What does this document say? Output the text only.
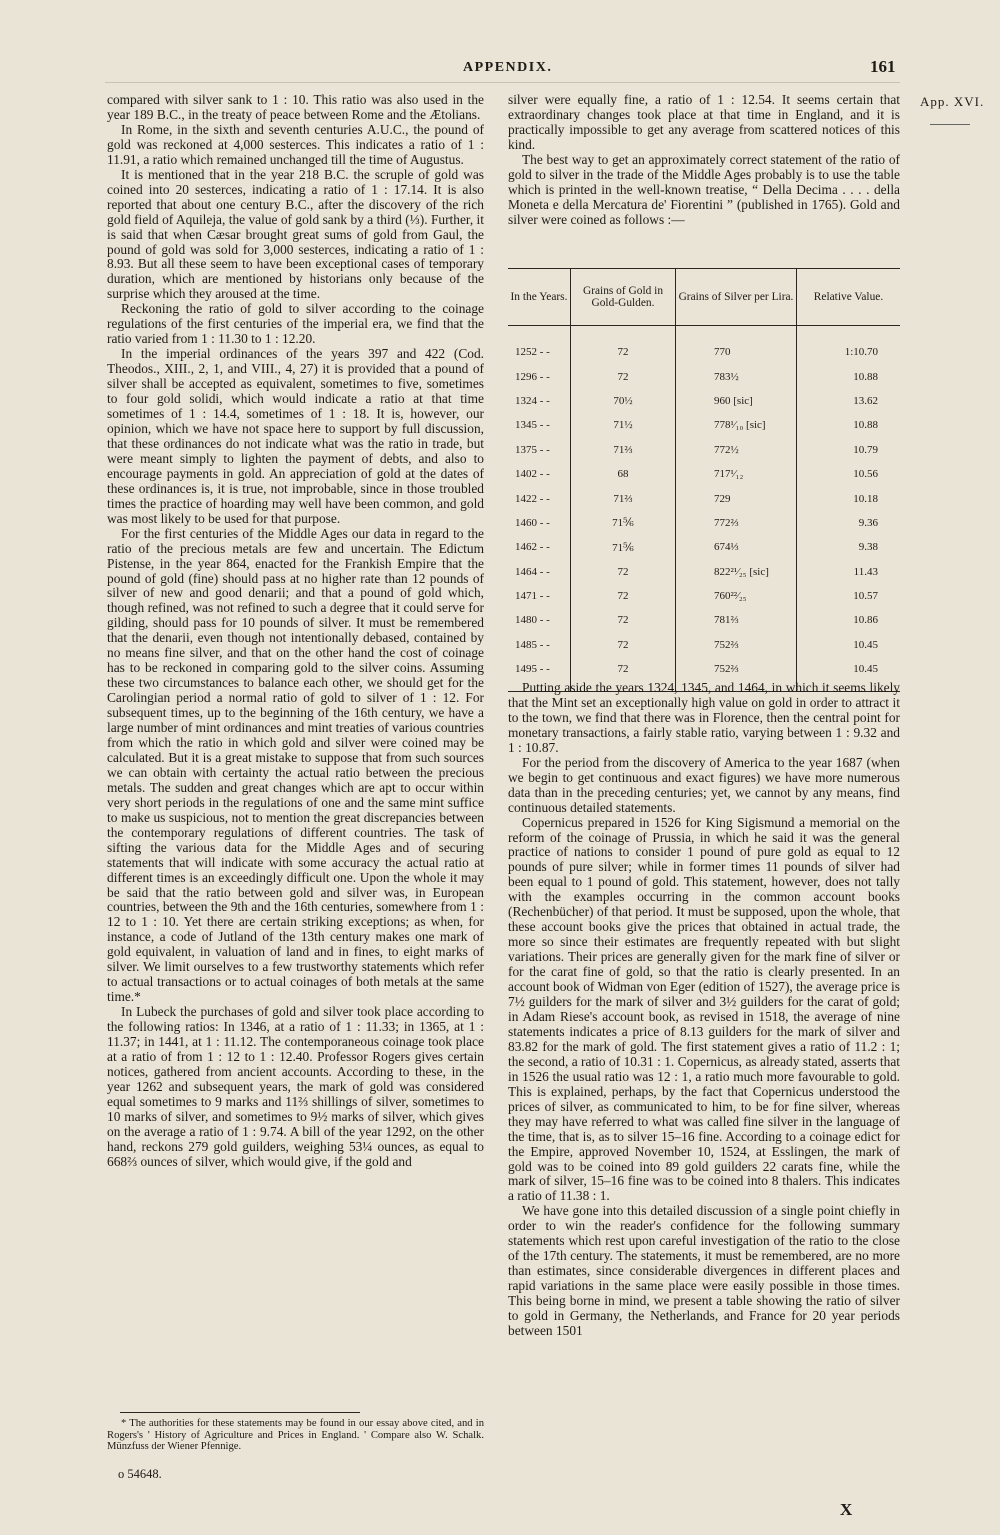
APPENDIX.	161
App. XVI.

compared with silver sank to 1 : 10. This ratio was also used in the year 189 B.C., in the treaty of peace between Rome and the Ætolians.

In Rome, in the sixth and seventh centuries A.U.C., the pound of gold was reckoned at 4,000 sesterces. This indicates a ratio of 1 : 11.91, a ratio which remained unchanged till the time of Augustus.

It is mentioned that in the year 218 B.C. the scruple of gold was coined into 20 sesterces, indicating a ratio of 1 : 17.14. It is also reported that about one century B.C., after the discovery of the rich gold field of Aquileja, the value of gold sank by a third (⅓). Further, it is said that when Cæsar brought great sums of gold from Gaul, the pound of gold was sold for 3,000 sesterces, indicating a ratio of 1 : 8.93. But all these seem to have been exceptional cases of temporary duration, which are mentioned by historians only because of the surprise which they aroused at the time.

Reckoning the ratio of gold to silver according to the coinage regulations of the first centuries of the imperial era, we find that the ratio varied from 1 : 11.30 to 1 : 12.20.

In the imperial ordinances of the years 397 and 422 (Cod. Theodos., XIII., 2, 1, and VIII., 4, 27) it is provided that a pound of silver shall be accepted as equivalent, sometimes to five, sometimes to four gold solidi, which would indicate a ratio at that time sometimes of 1 : 14.4, sometimes of 1 : 18. It is, however, our opinion, which we have not space here to support by full discussion, that these ordinances do not indicate what was the ratio in trade, but were meant simply to lighten the payment of debts, and also to encourage payments in gold. An appreciation of gold at the dates of these ordinances is, it is true, not improbable, since in those troubled times the practice of hoarding may well have been common, and gold was most likely to be used for that purpose.

For the first centuries of the Middle Ages our data in regard to the ratio of the precious metals are few and uncertain. The Edictum Pistense, in the year 864, enacted for the Frankish Empire that the pound of gold (fine) should pass at no higher rate than 12 pounds of silver of new and good denarii; and that a pound of gold which, though refined, was not refined to such a degree that it could serve for gilding, should pass for 10 pounds of silver. It must be remembered that the denarii, even though not intentionally debased, contained by no means fine silver, and that on the other hand the cost of coinage has to be reckoned in comparing gold to the silver coins. Assuming these two circumstances to balance each other, we should get for the Carolingian period a normal ratio of gold to silver of 1 : 12. For subsequent times, up to the beginning of the 16th century, we have a large number of mint ordinances and mint treaties of various countries from which the ratio in which gold and silver were coined may be calculated. But it is a great mistake to suppose that from such sources we can obtain with certainty the actual ratio between the precious metals. The sudden and great changes which are apt to occur within very short periods in the regulations of one and the same mint suffice to make us suspicious, not to mention the great discrepancies between the contemporary regulations of different countries. The task of sifting the various data for the Middle Ages and of securing statements that will indicate with some accuracy the actual ratio at different times is an exceedingly difficult one. Upon the whole it may be said that the ratio between gold and silver was, in European countries, between the 9th and the 16th centuries, somewhere from 1 : 12 to 1 : 10. Yet there are certain striking exceptions; as when, for instance, a code of Jutland of the 13th century makes one mark of gold equivalent, in valuation of land and in fines, to eight marks of silver. We limit ourselves to a few trustworthy statements which refer to actual transactions or to actual coinages of both metals at the same time.*

In Lubeck the purchases of gold and silver took place according to the following ratios: In 1346, at a ratio of 1 : 11.33; in 1365, at 1 : 11.37; in 1441, at 1 : 11.12. The contemporaneous coinage took place at a ratio of from 1 : 12 to 1 : 12.40. Professor Rogers gives certain notices, gathered from ancient accounts. According to these, in the year 1262 and subsequent years, the mark of gold was considered equal sometimes to 9 marks and 11⅔ shillings of silver, sometimes to 10 marks of silver, and sometimes to 9½ marks of silver, which gives on the average a ratio of 1 : 9.74. A bill of the year 1292, on the other hand, reckons 279 gold guilders, weighing 53¼ ounces, as equal to 668⅔ ounces of silver, which would give, if the gold and

* The authorities for these statements may be found in our essay above cited, and in Rogers's ' History of Agriculture and Prices in England. ' Compare also W. Schalk. Münzfuss der Wiener Pfennige.

o 54648.

silver were equally fine, a ratio of 1 : 12.54. It seems certain that extraordinary changes took place at that time in England, and it is practically impossible to get any average from scattered notices of this kind.

The best way to get an approximately correct statement of the ratio of gold to silver in the trade of the Middle Ages probably is to use the table which is printed in the well-known treatise, “ Della Decima . . . . della Moneta e della Mercatura de' Fiorentini ” (published in 1765). Gold and silver were coined as follows :—

In the Years.	Grains of Gold in Gold-Gulden.	Grains of Silver per Lira.	Relative Value.
1252 - -	72	770	1:10.70
1296 - -	72	783½	10.88
1324 - -	70½	960 [sic]	13.62
1345 - -	71½	778¹⁄₁₀ [sic]	10.88
1375 - -	71⅔	772½	10.79
1402 - -	68	717¹⁄₁₂	10.56
1422 - -	71⅔	729	10.18
1460 - -	71⅚	772⅔	9.36
1462 - -	71⅚	674⅓	9.38
1464 - -	72	822²¹⁄₂₅ [sic]	11.43
1471 - -	72	760²²⁄₂₅	10.57
1480 - -	72	781⅔	10.86
1485 - -	72	752⅔	10.45
1495 - -	72	752⅔	10.45

Putting aside the years 1324, 1345, and 1464, in which it seems likely that the Mint set an exceptionally high value on gold in order to attract it to the town, we find that there was in Florence, then the central point for monetary transactions, a fairly stable ratio, varying between 1 : 9.32 and 1 : 10.87.

For the period from the discovery of America to the year 1687 (when we begin to get continuous and exact figures) we have more numerous data than in the preceding centuries; yet, we cannot by any means, find continuous detailed statements.

Copernicus prepared in 1526 for King Sigismund a memorial on the reform of the coinage of Prussia, in which he said it was the general practice of nations to consider 1 pound of pure gold as equal to 12 pounds of pure silver; while in former times 11 pounds of silver had been equal to 1 pound of gold. This statement, however, does not tally with the examples occurring in the common account books (Rechenbücher) of that period. It must be supposed, upon the whole, that these account books give the prices that obtained in actual trade, the more so since their estimates are frequently repeated with but slight variations. Their prices are generally given for the mark fine of silver or for the carat fine of gold, so that the ratio is clearly presented. In an account book of Widman von Eger (edition of 1527), the average price is 7½ guilders for the mark of silver and 3½ guilders for the carat of gold; in Adam Riese's account book, as revised in 1518, the average of nine statements indicates a price of 8.13 guilders for the mark of silver and 83.82 for the mark of gold. The first statement gives a ratio of 11.2 : 1; the second, a ratio of 10.31 : 1. Copernicus, as already stated, asserts that in 1526 the usual ratio was 12 : 1, a ratio much more favourable to gold. This is explained, perhaps, by the fact that Copernicus understood the prices of silver, as communicated to him, to be for fine silver, whereas they may have referred to what was called fine silver in the language of the time, that is, as to silver 15–16 fine. According to a coinage edict for the Empire, approved November 10, 1524, at Esslingen, the mark of gold was to be coined into 89 gold guilders 22 carats fine, while the mark of silver, 15–16 fine was to be coined into 8 thalers. This indicates a ratio of 11.38 : 1.

We have gone into this detailed discussion of a single point chiefly in order to win the reader's confidence for the following summary statements which rest upon careful investigation of the ratio to the close of the 17th century. The statements, it must be remembered, are no more than estimates, since considerable divergences in different places and rapid variations in the same place were easily possible in those times. This being borne in mind, we present a table showing the ratio of silver to gold in Germany, the Netherlands, and France for 20 year periods between 1501

X
